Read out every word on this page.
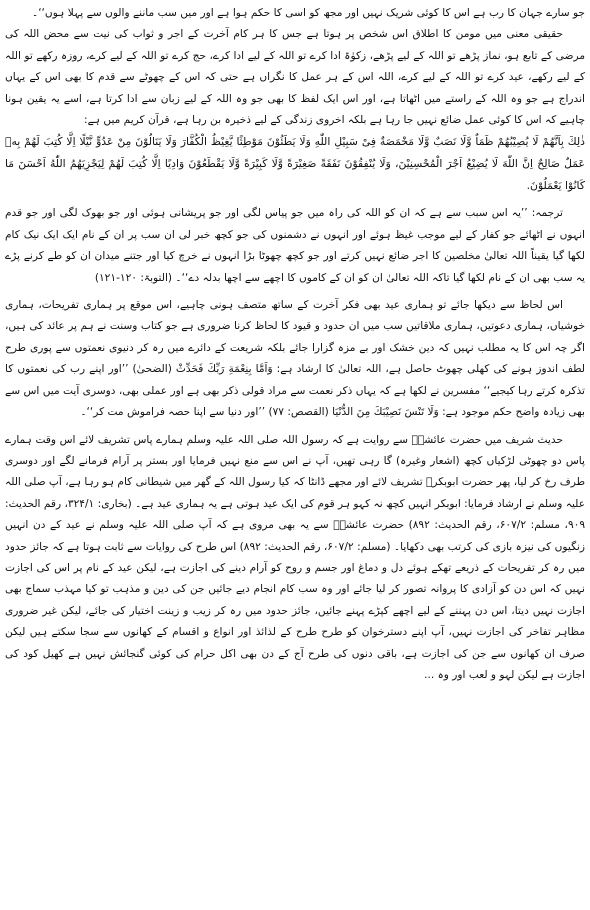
جو سارے جہان کا رب ہے اس کا کوئی شریک نہیں اور مجھ کو اسی کا حکم ہوا ہے اور میں سب ماننے والوں سے پہلا ہوں‘‘۔

حقیقی معنی میں مومن کا اطلاق اس شخص پر ہوتا ہے جس کا ہر کام آخرت کے اجر و ثواب کی نیت سے محض اللہ کی مرضی کے تابع ہو، نماز پڑھے تو اللہ کے لیے پڑھے، زکوٰۃ ادا کرے تو اللہ کے لیے ادا کرے، حج کرے تو اللہ کے لیے کرے، روزہ رکھے تو اللہ کے لیے رکھے، عید کرے تو اللہ کے لیے کرے، اللہ اس کے ہر عمل کا نگراں ہے حتی کہ اس کے چھوٹے سے قدم کا بھی اس کے یہاں اندراج ہے جو وہ اللہ کے راستے میں اٹھاتا ہے، اور اس ایک لفظ کا بھی جو وہ اللہ کے لیے زبان سے ادا کرتا ہے، اسے یہ یقین ہونا چاہیے کہ اس کا کوئی عمل ضائع نہیں جا رہا ہے بلکہ اخروی زندگی کے لیے ذخیرہ بن رہا ہے، قرآن کریم میں ہے:

ذٰلِكَ بِاَنَّهُمْ لَا يُصِيْبُهُمْ ظَمَاٌ وَّلَا نَصَبٌ وَّلَا مَخْمَصَةٌ فِىْ سَبِيْلِ اللّٰهِ وَلَا يَطَئُوْنَ مَوْطِئًا يَّغِيْظُ الْكُفَّارَ وَلَا يَنَالُوْنَ مِنْ عَدُوٍّ نَّيْلًا اِلَّا كُتِبَ لَهُمْ بِهٖ عَمَلٌ صَالِحٌ اِنَّ اللّٰهَ لَا يُضِيْعُ اَجْرَ الْمُحْسِنِيْنَ، وَلَا يُنْفِقُوْنَ نَفَقَةً صَغِيْرَةً وَّلَا كَبِيْرَةً وَّلَا يَقْطَعُوْنَ وَادِيًا اِلَّا كُتِبَ لَهُمْ لِيَجْزِيَهُمُ اللّٰهُ اَحْسَنَ مَا كَانُوْا يَعْمَلُوْنَ.

ترجمہ: ’’یہ اس سبب سے ہے کہ ان کو اللہ کی راہ میں جو پیاس لگی اور جو پریشانی ہوئی اور جو بھوک لگی اور جو قدم انہوں نے اٹھائے جو کفار کے لیے موجب غیظ ہوئے اور انہوں نے دشمنوں کی جو کچھ خبر لی ان سب پر ان کے نام ایک ایک نیک کام لکھا گیا یقیناً اللہ تعالیٰ مخلصین کا اجر ضائع نہیں کرتے اور جو کچھ چھوٹا بڑا انہوں نے خرچ کیا اور جتنے میدان ان کو طے کرنے پڑے یہ سب بھی ان کے نام لکھا گیا تاکہ اللہ تعالیٰ ان کو ان کے کاموں کا اچھے سے اچھا بدلہ دے‘‘۔ (التوبۃ: ۱۲۰-۱۲۱)

اس لحاظ سے دیکھا جائے تو ہماری عید بھی فکر آخرت کے ساتھ متصف ہونی چاہیے، اس موقع پر ہماری تفریحات، ہماری خوشیاں، ہماری دعوتیں، ہماری ملاقاتیں سب میں ان حدود و قیود کا لحاظ کرنا ضروری ہے جو کتاب وسنت نے ہم پر عائد کی ہیں، اگر چہ اس کا یہ مطلب نہیں کہ دین خشک اور بے مزہ گزارا جائے بلکہ شریعت کے دائرے میں رہ کر دنیوی نعمتوں سے پوری طرح لطف اندوز ہونے کی کھلی چھوٹ حاصل ہے، اللہ تعالیٰ کا ارشاد ہے: وَاَمَّا بِنِعْمَةِ رَبِّكَ فَحَدِّثْ (الضحیٰ) ’’اور اپنے رب کی نعمتوں کا تذکرہ کرتے رہا کیجیے‘‘ مفسرین نے لکھا ہے کہ یہاں ذکر نعمت سے مراد قولی ذکر بھی ہے اور عملی بھی، دوسری آیت میں اس سے بھی زیادہ واضح حکم موجود ہے: وَلَا تَنْسَ نَصِيْبَكَ مِنَ الدُّنْيَا (القصص: ۷۷) ’’اور دنیا سے اپنا حصہ فراموش مت کر‘‘۔

حدیث شریف میں حضرت عائشہؓ سے روایت ہے کہ رسول اللہ صلی اللہ علیہ وسلم ہمارے پاس تشریف لائے اس وقت ہمارے پاس دو چھوٹی لڑکیاں کچھ (اشعار وغیرہ) گا رہی تھیں، آپ نے اس سے منع نہیں فرمایا اور بستر پر آرام فرمانے لگے اور دوسری طرف رخ کر لیا، پھر حضرت ابوبکرؓ تشریف لائے اور مجھے ڈانٹا کہ کیا رسول اللہ کے گھر میں شیطانی کام ہو رہا ہے، آپ صلی اللہ علیہ وسلم نے ارشاد فرمایا: ابوبکر انہیں کچھ نہ کہو ہر قوم کی ایک عید ہوتی ہے یہ ہماری عید ہے۔ (بخاری: ۳۲۴/۱، رقم الحدیث: ۹۰۹، مسلم: ۶۰۷/۲، رقم الحدیث: ۸۹۲) حضرت عائشہؓ سے یہ بھی مروی ہے کہ آپ صلی اللہ علیہ وسلم نے عید کے دن انہیں زنگیوں کی نیزہ بازی کی کرتب بھی دکھایا۔ (مسلم: ۶۰۷/۲، رقم الحدیث: ۸۹۲) اس طرح کی روایات سے ثابت ہوتا ہے کہ جائز حدود میں رہ کر تفریحات کے ذریعے تھکے ہوئے دل و دماغ اور جسم و روح کو آرام دینے کی اجازت ہے، لیکن عید کے نام پر اس کی اجازت نہیں کہ اس دن کو آزادی کا پروانہ تصور کر لیا جائے اور وہ سب کام انجام دیے جائیں جن کی دین و مذہب تو کیا مہذب سماج بھی اجازت نہیں دیتا، اس دن پہننے کے لیے اچھے کپڑے پہنے جائیں، جائز حدود میں رہ کر زیب و زینت اختیار کی جائے، لیکن غیر ضروری مظاہر تفاخر کی اجازت نہیں، آپ اپنے دسترخوان کو طرح طرح کے لذائذ اور انواع و اقسام کے کھانوں سے سجا سکتے ہیں لیکن صرف ان کھانوں سے جن کی اجازت ہے، باقی دنوں کی طرح آج کے دن بھی اکل حرام کی کوئی گنجائش نہیں ہے کھیل کود کی اجازت ہے لیکن لہو و لعب اور وہ ...
